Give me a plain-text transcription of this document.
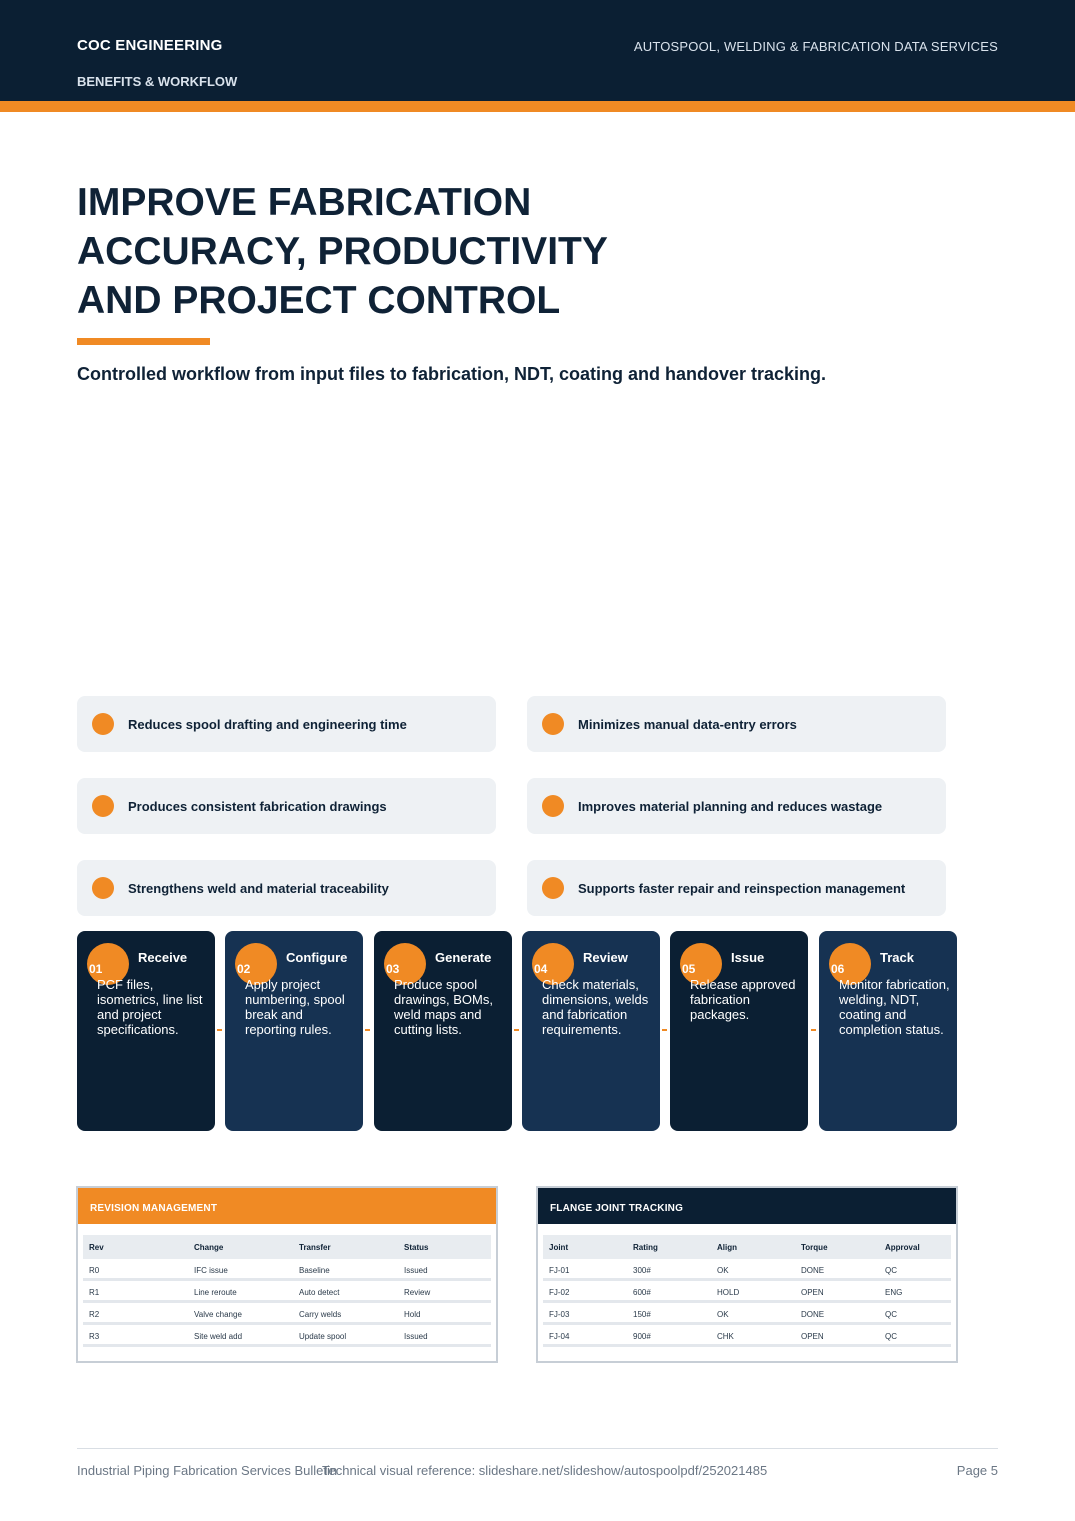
COC ENGINEERING
BENEFITS & WORKFLOW
AUTOSPOOL, WELDING & FABRICATION DATA SERVICES
IMPROVE FABRICATION
ACCURACY, PRODUCTIVITY
AND PROJECT CONTROL
Controlled workflow from input files to fabrication, NDT, coating and handover tracking.
Reduces spool drafting and engineering time	Minimizes manual data-entry errors
Produces consistent fabrication drawings	Improves material planning and reduces wastage
Strengthens weld and material traceability	Supports faster repair and reinspection management
01
Receive
PCF files, isometrics, line list and project specifications.
02
Configure
Apply project numbering, spool break and reporting rules.
03
Generate
Produce spool drawings, BOMs, weld maps and cutting lists.
04
Review
Check materials, dimensions, welds and fabrication requirements.
05
Issue
Release approved fabrication packages.
06
Track
Monitor fabrication, welding, NDT, coating and completion status.
REVISION MANAGEMENT
Rev	Change	Transfer	Status
R0	IFC issue	Baseline	Issued
R1	Line reroute	Auto detect	Review
R2	Valve change	Carry welds	Hold
R3	Site weld add	Update spool	Issued
FLANGE JOINT TRACKING
Joint	Rating	Align	Torque	Approval
FJ-01	300#	OK	DONE	QC
FJ-02	600#	HOLD	OPEN	ENG
FJ-03	150#	OK	DONE	QC
FJ-04	900#	CHK	OPEN	QC
Industrial Piping Fabrication Services Bulletin
Technical visual reference: slideshare.net/slideshow/autospoolpdf/252021485	Page 5
